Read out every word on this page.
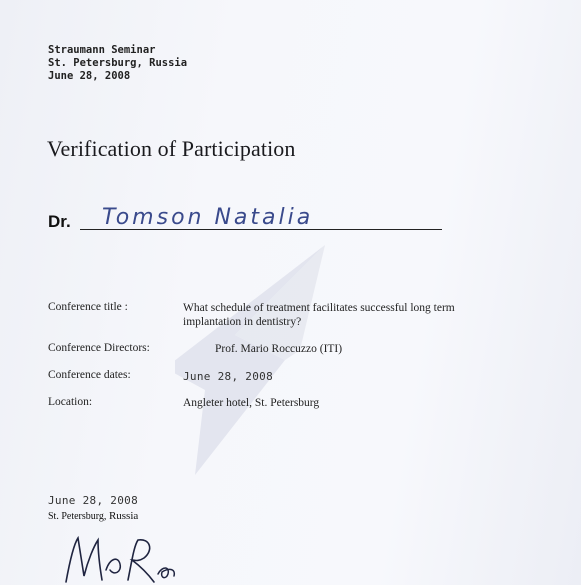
Straumann Seminar
St. Petersburg, Russia
June 28, 2008
Verification of Participation
Dr. Tomson Natalia
Conference title :	What schedule of treatment facilitates successful long term
implantation in dentistry?
Conference Directors:	Prof. Mario Roccuzzo (ITI)
Conference dates:	June 28, 2008
Location:	Angleter hotel, St. Petersburg
June 28, 2008
St. Petersburg, Russia
